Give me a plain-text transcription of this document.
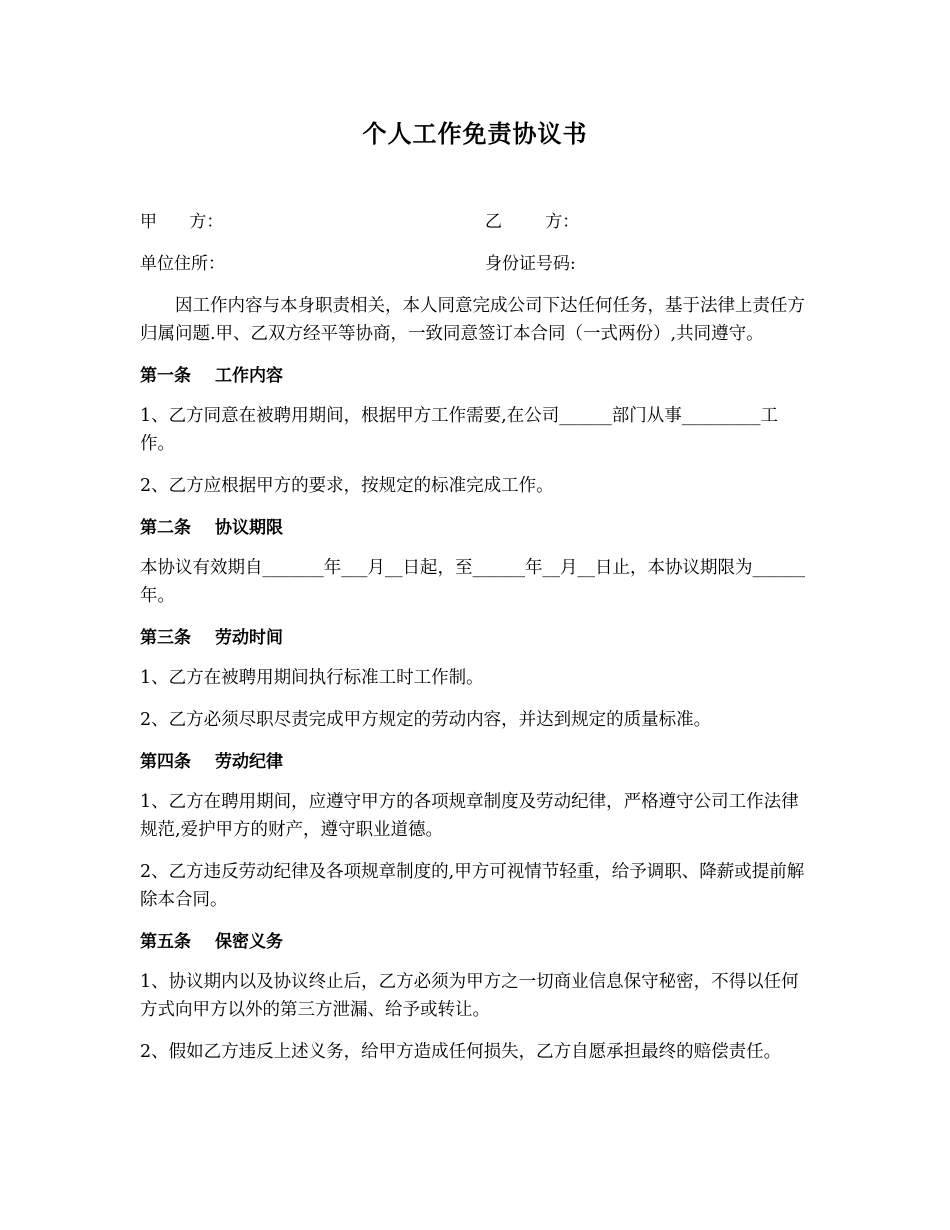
个人工作免责协议书
甲      方：	乙        方：
单位住所：	身份证号码:

因工作内容与本身职责相关，本人同意完成公司下达任何任务，基于法律上责任方归属问题.甲、乙双方经平等协商，一致同意签订本合同（一式两份）,共同遵守。

第一条 工作内容

1、乙方同意在被聘用期间，根据甲方工作需要,在公司______部门从事_________工作。

2、乙方应根据甲方的要求，按规定的标准完成工作。

第二条 协议期限

本协议有效期自_______年___月__日起，至______年__月__日止，本协议期限为______年。

第三条 劳动时间

1、乙方在被聘用期间执行标准工时工作制。

2、乙方必须尽职尽责完成甲方规定的劳动内容，并达到规定的质量标准。

第四条 劳动纪律

1、乙方在聘用期间，应遵守甲方的各项规章制度及劳动纪律，严格遵守公司工作法律规范,爱护甲方的财产，遵守职业道德。

2、乙方违反劳动纪律及各项规章制度的,甲方可视情节轻重，给予调职、降薪或提前解除本合同。

第五条 保密义务

1、协议期内以及协议终止后，乙方必须为甲方之一切商业信息保守秘密，不得以任何方式向甲方以外的第三方泄漏、给予或转让。

2、假如乙方违反上述义务，给甲方造成任何损失，乙方自愿承担最终的赔偿责任。
